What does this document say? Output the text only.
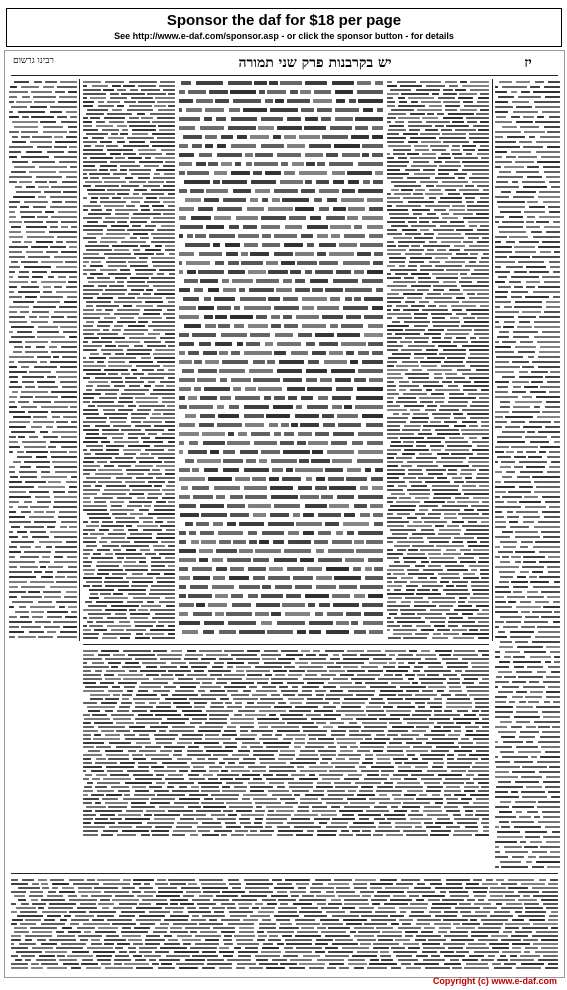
Sponsor the daf for $18 per page
See http://www.e-daf.com/sponsor.asp - or click the sponsor button - for details
רבינו גרשום	יש בקרבנות פרק שני תמורה	יז
Copyright (c) www.e-daf.com
